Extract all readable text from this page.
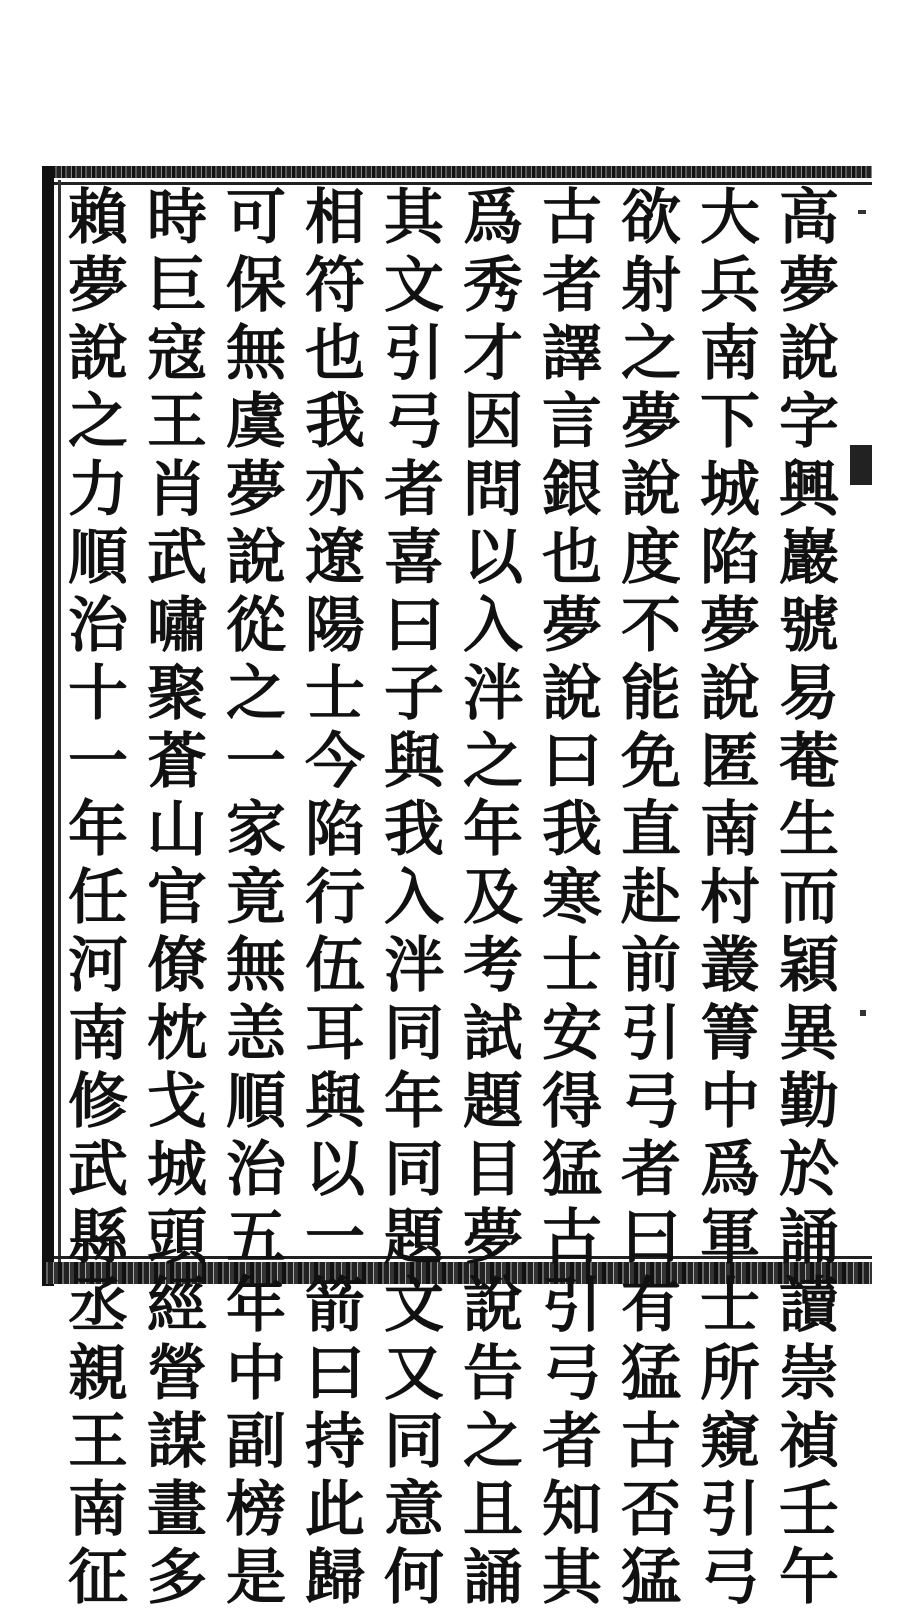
高
夢
說
字
興
巖
號
易
菴
生
而
穎
異
勤
於
誦
讀
崇
禎
壬
午
大
兵
南
下
城
陷
夢
說
匿
南
村
叢
箐
中
爲
軍
士
所
窺
引
弓
欲
射
之
夢
說
度
不
能
免
直
赴
前
引
弓
者
曰
有
猛
古
否
猛
古
者
譯
言
銀
也
夢
說
曰
我
寒
士
安
得
猛
古
引
弓
者
知
其
爲
秀
才
因
問
以
入
泮
之
年
及
考
試
題
目
夢
說
告
之
且
誦
其
文
引
弓
者
喜
曰
子
與
我
入
泮
同
年
同
題
文
又
同
意
何
相
符
也
我
亦
遼
陽
士
今
陷
行
伍
耳
與
以
一
箭
曰
持
此
歸
可
保
無
虞
夢
說
從
之
一
家
竟
無
恙
順
治
五
年
中
副
榜
是
時
巨
寇
王
肖
武
嘯
聚
蒼
山
官
僚
枕
戈
城
頭
經
營
謀
畫
多
賴
夢
說
之
力
順
治
十
一
年
任
河
南
修
武
縣
丞
親
王
南
征
